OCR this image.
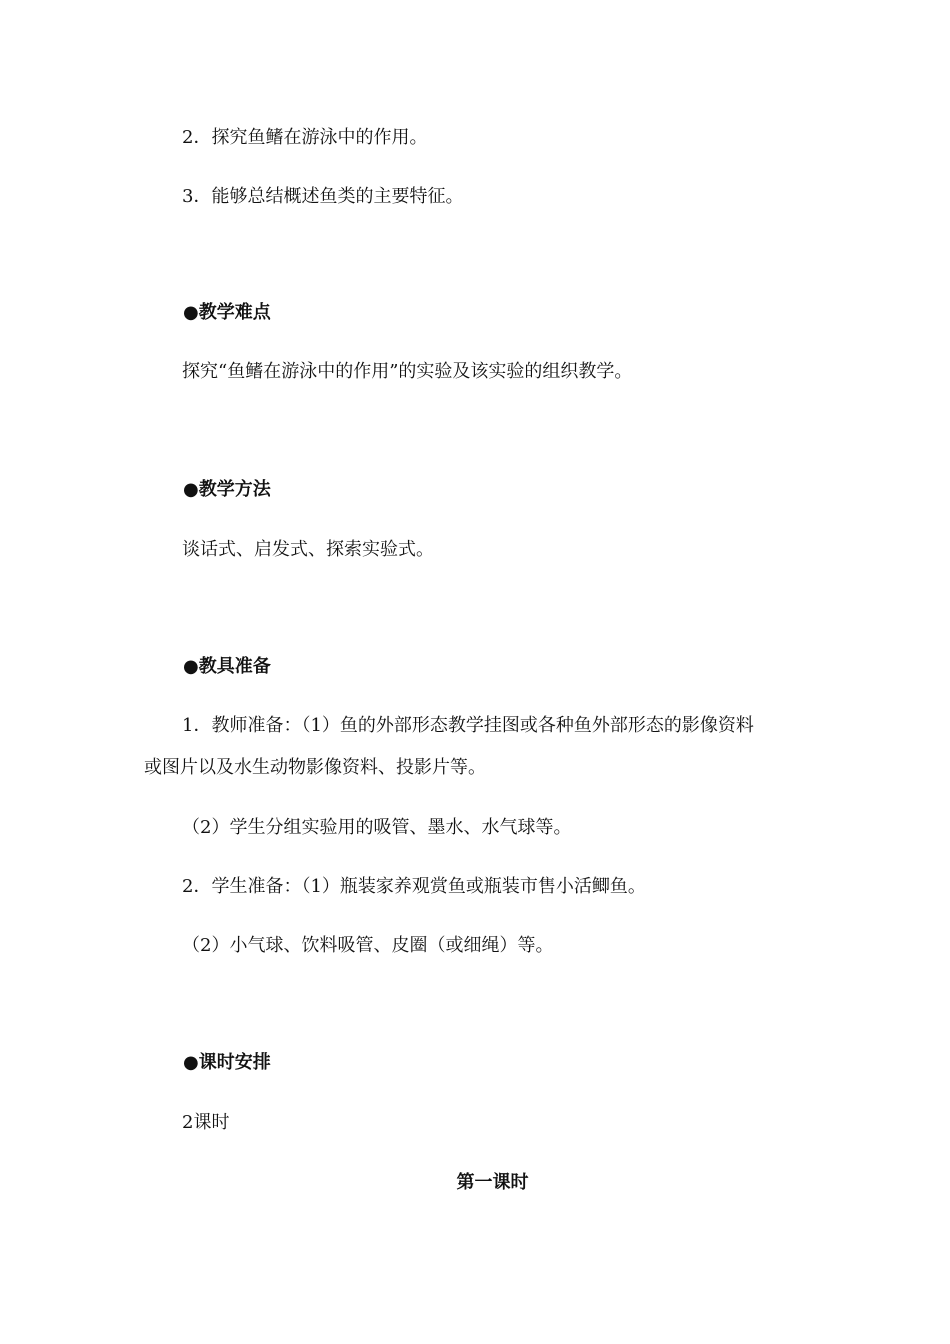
2．探究鱼鳍在游泳中的作用。
3．能够总结概述鱼类的主要特征。
●教学难点
探究“鱼鳍在游泳中的作用”的实验及该实验的组织教学。
●教学方法
谈话式、启发式、探索实验式。
●教具准备
1．教师准备：（1）鱼的外部形态教学挂图或各种鱼外部形态的影像资料
或图片以及水生动物影像资料、投影片等。
（2）学生分组实验用的吸管、墨水、水气球等。
2．学生准备：（1）瓶装家养观赏鱼或瓶装市售小活鲫鱼。
（2）小气球、饮料吸管、皮圈（或细绳）等。
●课时安排
2课时
第一课时
